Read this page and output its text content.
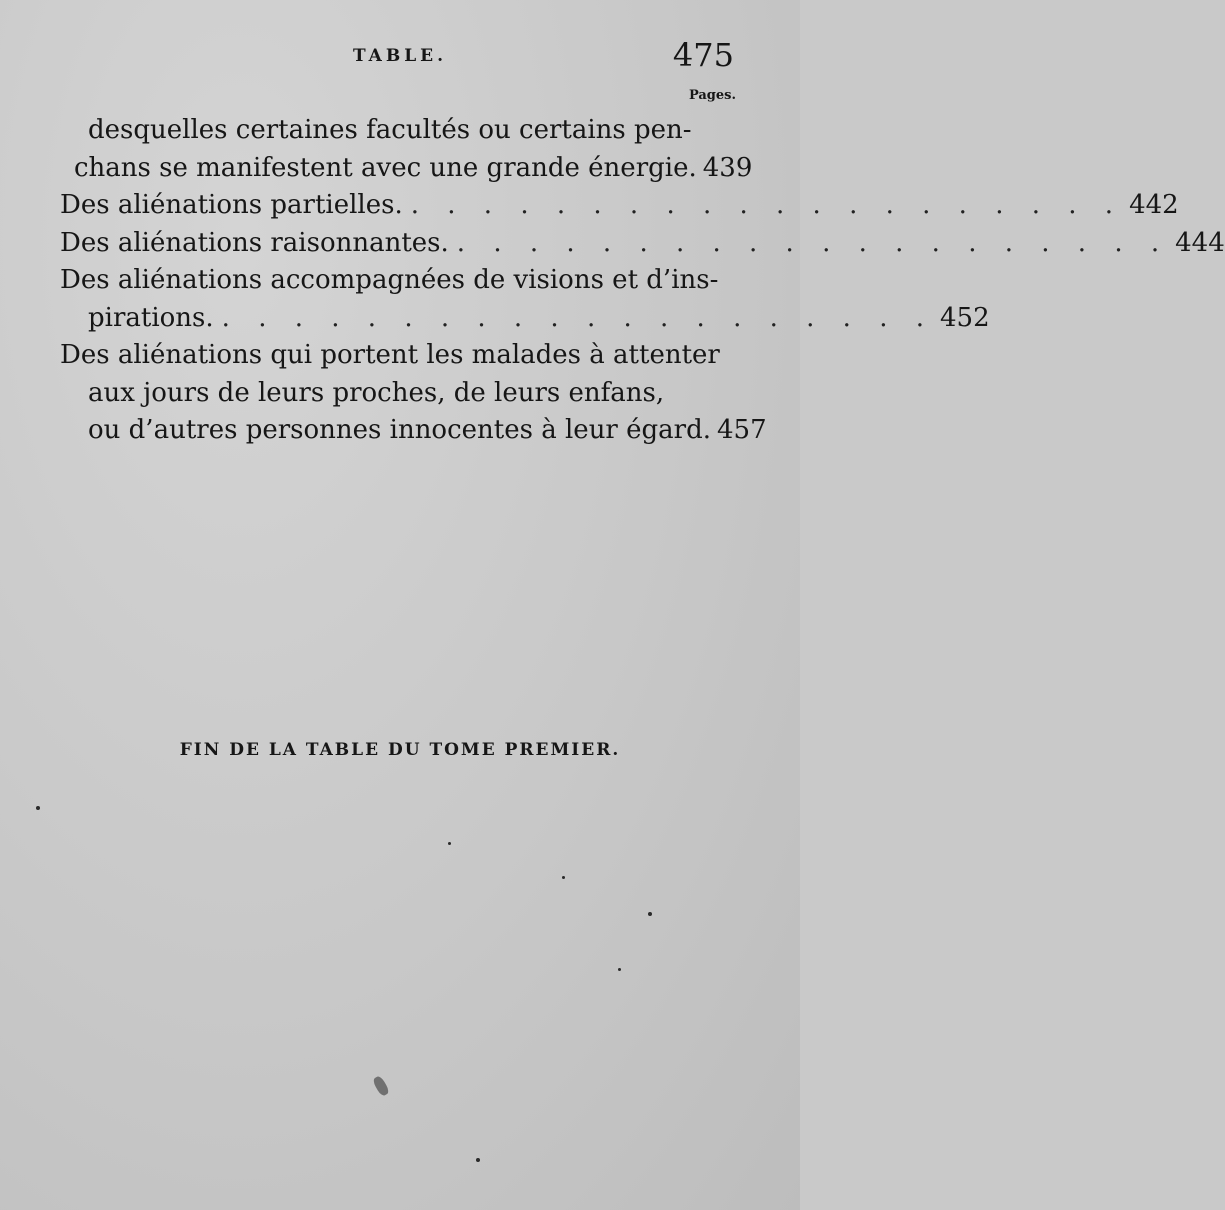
TABLE.	475
Pages.
desquelles certaines facultés ou certains pen-
chans se manifestent avec une grande énergie. 439
Des aliénations partielles. . . . . . . . . . . . . . . . . . . . . 442
Des aliénations raisonnantes. . . . . . . . . . . . . . . . . . . . . 444
Des aliénations accompagnées de visions et d’ins-
pirations. . . . . . . . . . . . . . . . . . . . . 452
Des aliénations qui portent les malades à attenter
aux jours de leurs proches, de leurs enfans,
ou d’autres personnes innocentes à leur égard. 457
FIN DE LA TABLE DU TOME PREMIER.
